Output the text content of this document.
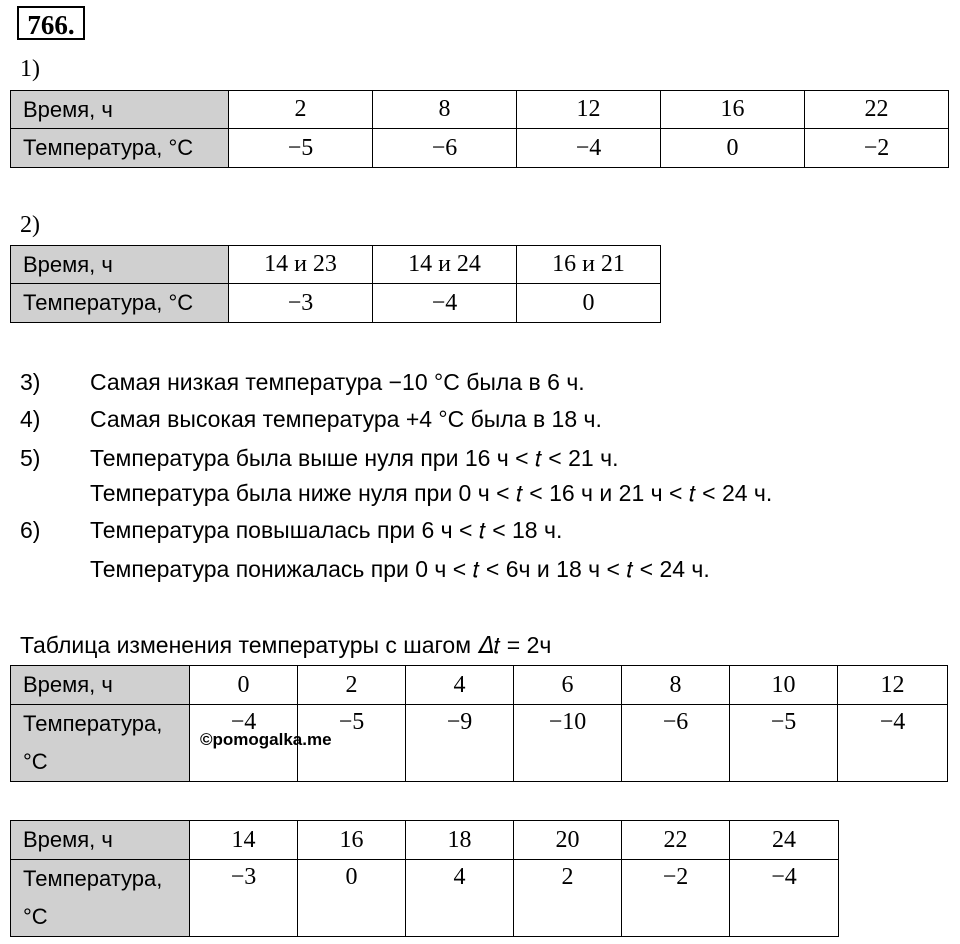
766.
1)
Время, ч	2	8	12	16	22
Температура, °C	−5	−6	−4	0	−2
2)
Время, ч	14 и 23	14 и 24	16 и 21
Температура, °C	−3	−4	0
3) Самая низкая температура −10 °C была в 6 ч.
4) Самая высокая температура +4 °C была в 18 ч.
5) Температура была выше нуля при 16 ч < 𝑡 < 21 ч.
Температура была ниже нуля при 0 ч < 𝑡 < 16 ч и 21 ч < 𝑡 < 24 ч.
6) Температура повышалась при 6 ч < 𝑡 < 18 ч.
Температура понижалась при 0 ч < 𝑡 < 6ч и 18 ч < 𝑡 < 24 ч.
Таблица изменения температуры с шагом 𝛥𝑡 = 2ч
Время, ч	0	2	4	6	8	10	12
Температура, °C	−4	−5	−9	−10	−6	−5	−4
©pomogalka.me
Время, ч	14	16	18	20	22	24
Температура, °C	−3	0	4	2	−2	−4
